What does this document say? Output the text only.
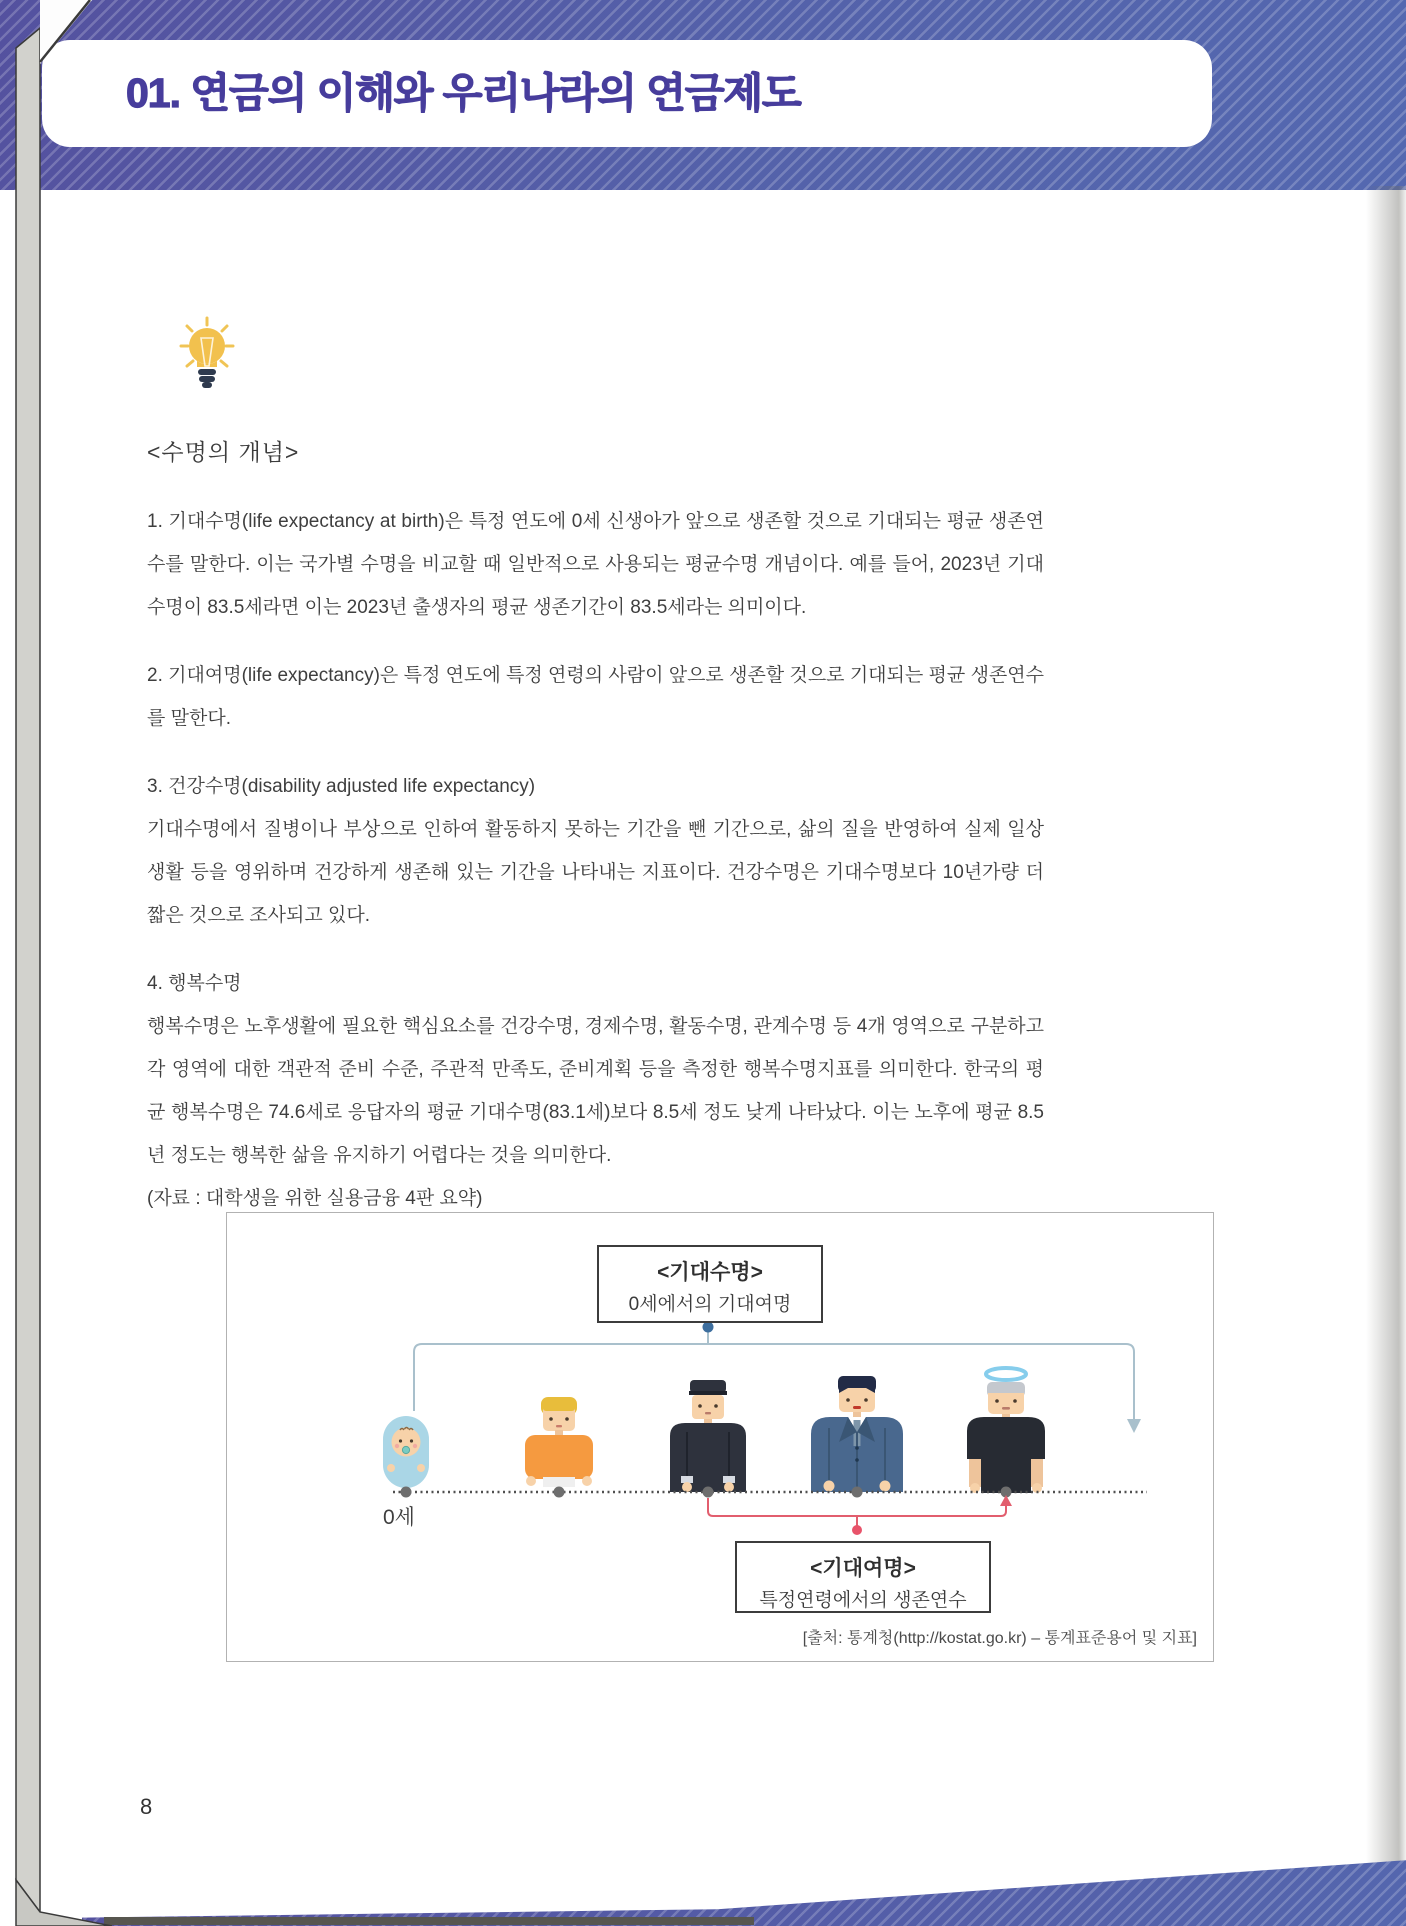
01. 연금의 이해와 우리나라의 연금제도
<수명의 개념>
1. 기대수명(life expectancy at birth)은 특정 연도에 0세 신생아가 앞으로 생존할 것으로 기대되는 평균 생존연수를 말한다. 이는 국가별 수명을 비교할 때 일반적으로 사용되는 평균수명 개념이다. 예를 들어, 2023년 기대수명이 83.5세라면 이는 2023년 출생자의 평균 생존기간이 83.5세라는 의미이다.
2. 기대여명(life expectancy)은 특정 연도에 특정 연령의 사람이 앞으로 생존할 것으로 기대되는 평균 생존연수를 말한다.
3. 건강수명(disability adjusted life expectancy)
기대수명에서 질병이나 부상으로 인하여 활동하지 못하는 기간을 뺀 기간으로, 삶의 질을 반영하여 실제 일상생활 등을 영위하며 건강하게 생존해 있는 기간을 나타내는 지표이다. 건강수명은 기대수명보다 10년가량 더 짧은 것으로 조사되고 있다.
4. 행복수명
행복수명은 노후생활에 필요한 핵심요소를 건강수명, 경제수명, 활동수명, 관계수명 등 4개 영역으로 구분하고 각 영역에 대한 객관적 준비 수준, 주관적 만족도, 준비계획 등을 측정한 행복수명지표를 의미한다. 한국의 평균 행복수명은 74.6세로 응답자의 평균 기대수명(83.1세)보다 8.5세 정도 낮게 나타났다. 이는 노후에 평균 8.5년 정도는 행복한 삶을 유지하기 어렵다는 것을 의미한다.
(자료 : 대학생을 위한 실용금융 4판 요약)
<기대수명>
0세에서의 기대여명
0세
<기대여명>
특정연령에서의 생존연수
[출처: 통계청(http://kostat.go.kr) – 통계표준용어 및 지표]
8
